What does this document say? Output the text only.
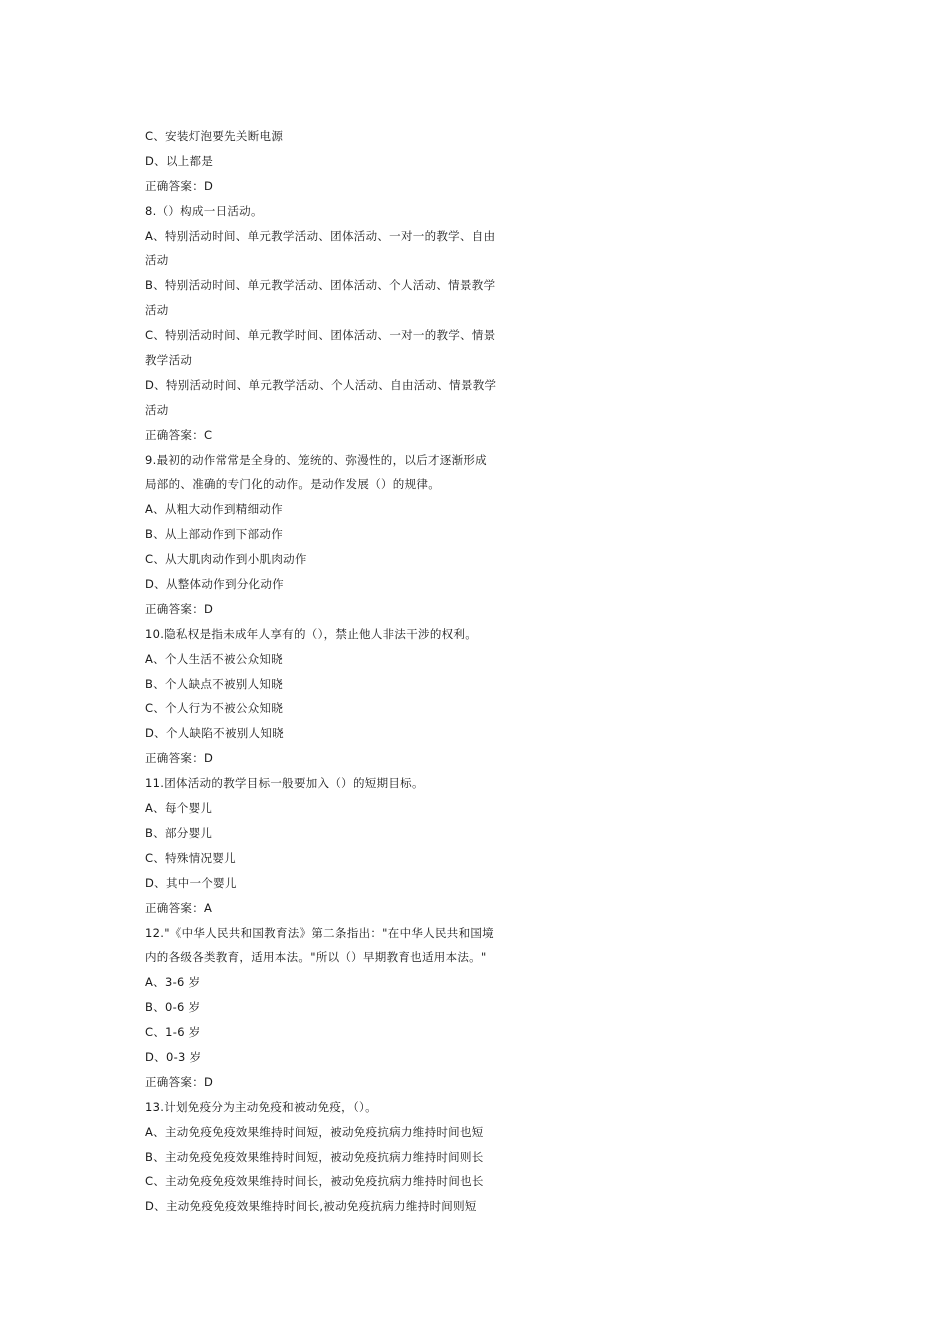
C、安装灯泡要先关断电源
D、以上都是
正确答案：D
8.（）构成一日活动。
A、特别活动时间、单元教学活动、团体活动、一对一的教学、自由
活动
B、特别活动时间、单元教学活动、团体活动、个人活动、情景教学
活动
C、特别活动时间、单元教学时间、团体活动、一对一的教学、情景
教学活动
D、特别活动时间、单元教学活动、个人活动、自由活动、情景教学
活动
正确答案：C
9.最初的动作常常是全身的、笼统的、弥漫性的，以后才逐渐形成
局部的、准确的专门化的动作。是动作发展（）的规律。
A、从粗大动作到精细动作
B、从上部动作到下部动作
C、从大肌肉动作到小肌肉动作
D、从整体动作到分化动作
正确答案：D
10.隐私权是指未成年人享有的（），禁止他人非法干涉的权利。
A、个人生活不被公众知晓
B、个人缺点不被别人知晓
C、个人行为不被公众知晓
D、个人缺陷不被别人知晓
正确答案：D
11.团体活动的教学目标一般要加入（）的短期目标。
A、每个婴儿
B、部分婴儿
C、特殊情况婴儿
D、其中一个婴儿
正确答案：A
12."《中华人民共和国教育法》第二条指出："在中华人民共和国境
内的各级各类教育，适用本法。"所以（）早期教育也适用本法。"
A、3-6 岁
B、0-6 岁
C、1-6 岁
D、0-3 岁
正确答案：D
13.计划免疫分为主动免疫和被动免疫，（）。
A、主动免疫免疫效果维持时间短，被动免疫抗病力维持时间也短
B、主动免疫免疫效果维持时间短，被动免疫抗病力维持时间则长
C、主动免疫免疫效果维持时间长，被动免疫抗病力维持时间也长
D、主动免疫免疫效果维持时间长,被动免疫抗病力维持时间则短
